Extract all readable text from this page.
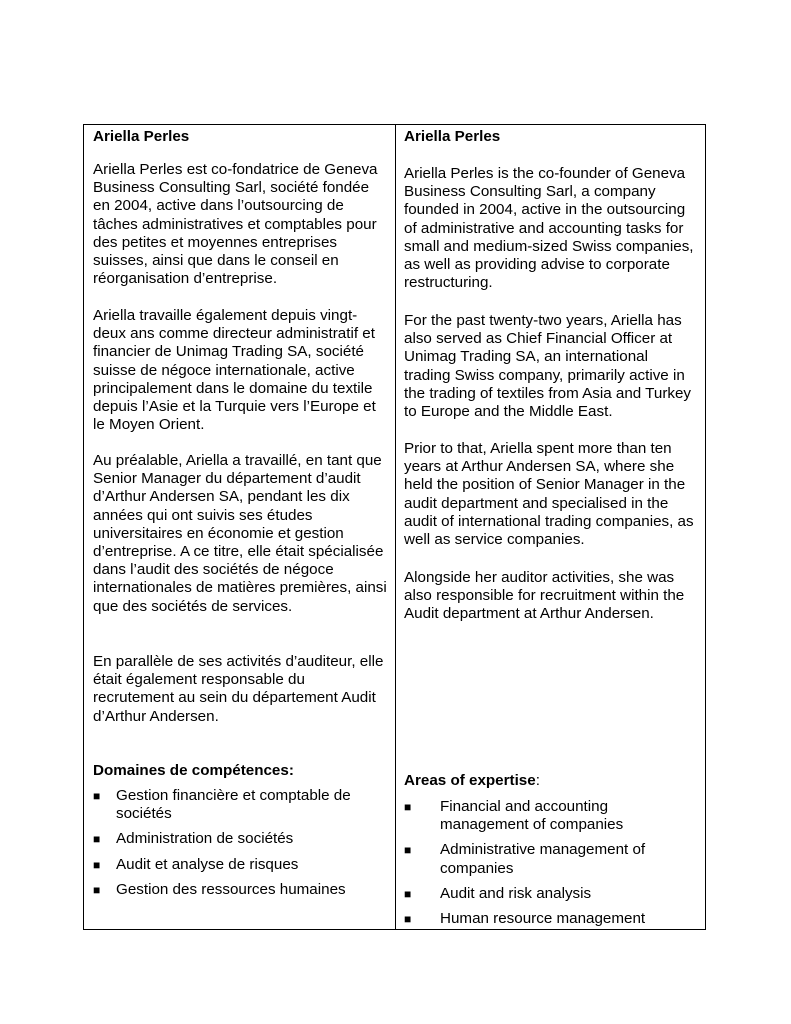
Ariella Perles

Ariella Perles est co-fondatrice de Geneva Business Consulting Sarl, société fondée en 2004, active dans l’outsourcing de tâches administratives et comptables pour des petites et moyennes entreprises suisses, ainsi que dans le conseil en réorganisation d’entreprise.

Ariella travaille également depuis vingt-deux ans comme directeur administratif et financier de Unimag Trading SA, société suisse de négoce internationale, active principalement dans le domaine du textile depuis l’Asie et la Turquie vers l’Europe et le Moyen Orient.

Au préalable, Ariella a travaillé, en tant que Senior Manager du département d’audit d’Arthur Andersen SA, pendant les dix années qui ont suivis ses études universitaires en économie et gestion d’entreprise. A ce titre, elle était spécialisée dans l’audit des sociétés de négoce internationales de matières premières, ainsi que des sociétés de services.

En parallèle de ses activités d’auditeur, elle était également responsable du recrutement au sein du département Audit d’Arthur Andersen.

Domaines de compétences:
■ Gestion financière et comptable de sociétés
■ Administration de sociétés
■ Audit et analyse de risques
■ Gestion des ressources humaines
Ariella Perles

Ariella Perles is the co-founder of Geneva Business Consulting Sarl, a company founded in 2004, active in the outsourcing of administrative and accounting tasks for small and medium-sized Swiss companies, as well as providing advise to corporate restructuring.

For the past twenty-two years, Ariella has also served as Chief Financial Officer at Unimag Trading SA, an international trading Swiss company, primarily active in the trading of textiles from Asia and Turkey to Europe and the Middle East.

Prior to that, Ariella spent more than ten years at Arthur Andersen SA, where she held the position of Senior Manager in the audit department and specialised in the audit of international trading companies, as well as service companies.

Alongside her auditor activities, she was also responsible for recruitment within the Audit department at Arthur Andersen.

Areas of expertise:
■ Financial and accounting management of companies
■ Administrative management of companies
■ Audit and risk analysis
■ Human resource management
